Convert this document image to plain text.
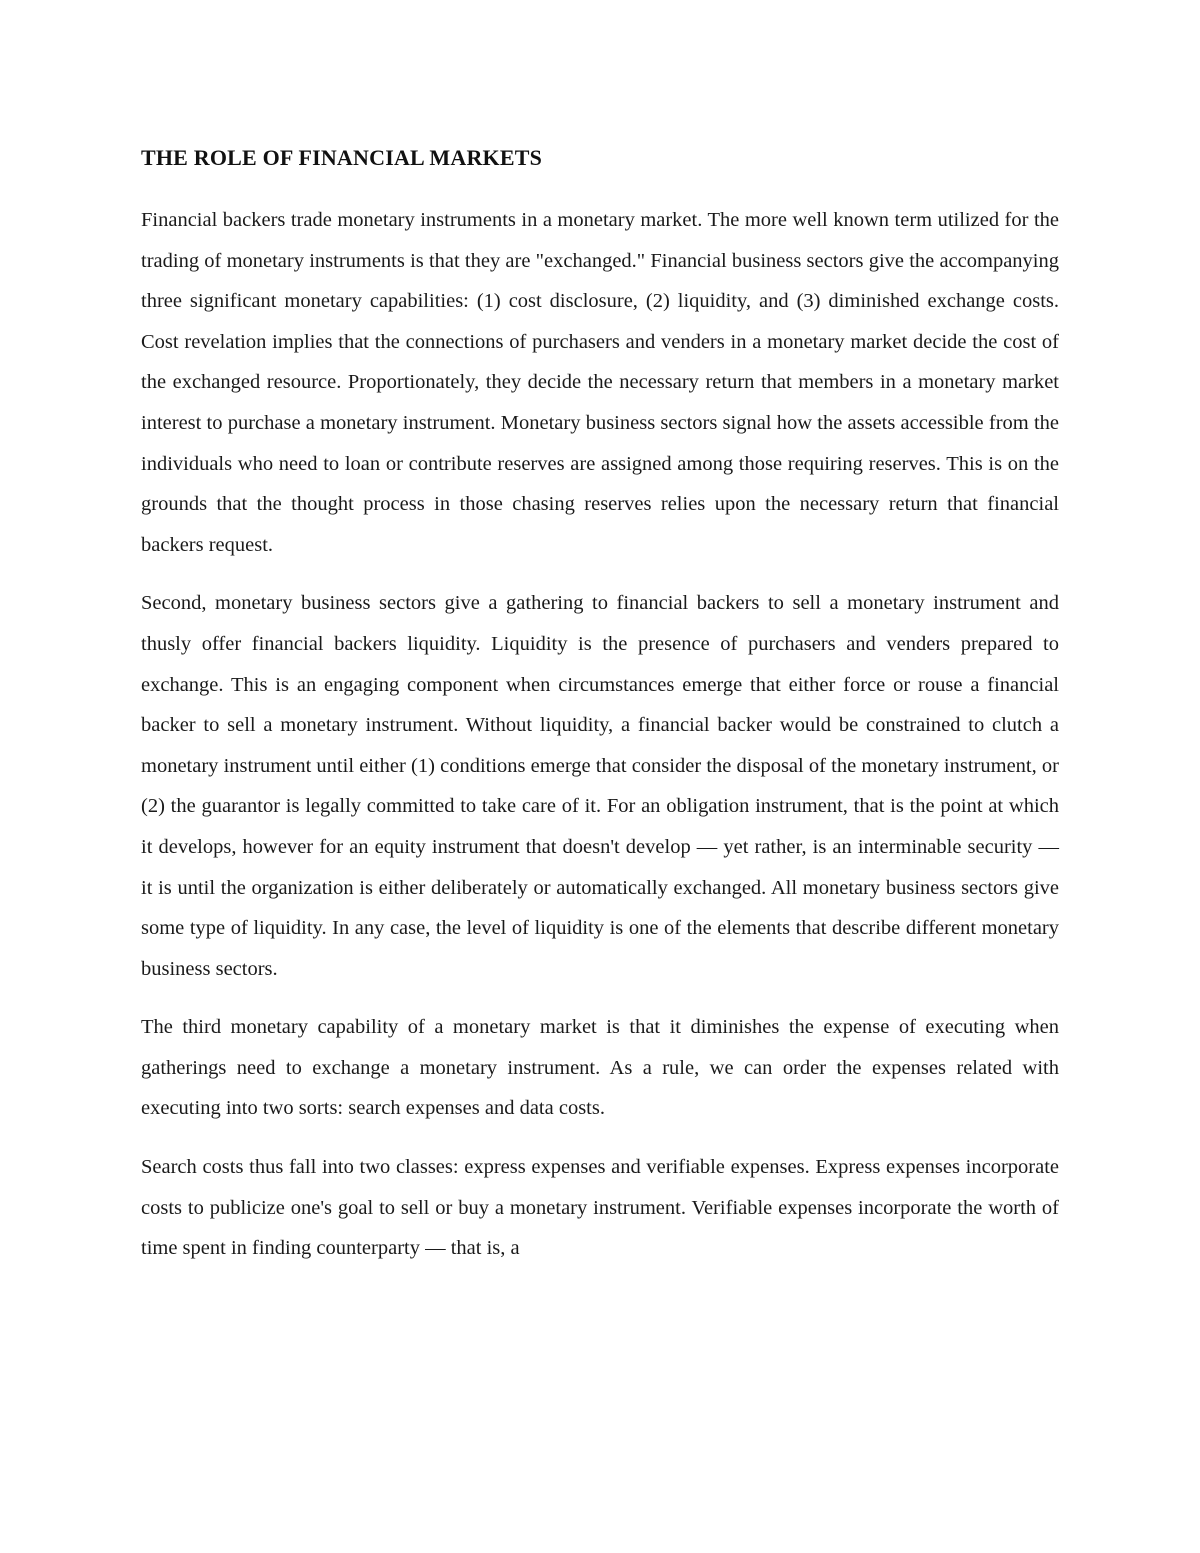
THE ROLE OF FINANCIAL MARKETS

Financial backers trade monetary instruments in a monetary market. The more well known term utilized for the trading of monetary instruments is that they are "exchanged." Financial business sectors give the accompanying three significant monetary capabilities: (1) cost disclosure, (2) liquidity, and (3) diminished exchange costs. Cost revelation implies that the connections of purchasers and venders in a monetary market decide the cost of the exchanged resource. Proportionately, they decide the necessary return that members in a monetary market interest to purchase a monetary instrument. Monetary business sectors signal how the assets accessible from the individuals who need to loan or contribute reserves are assigned among those requiring reserves. This is on the grounds that the thought process in those chasing reserves relies upon the necessary return that financial backers request.

Second, monetary business sectors give a gathering to financial backers to sell a monetary instrument and thusly offer financial backers liquidity. Liquidity is the presence of purchasers and venders prepared to exchange. This is an engaging component when circumstances emerge that either force or rouse a financial backer to sell a monetary instrument. Without liquidity, a financial backer would be constrained to clutch a monetary instrument until either (1) conditions emerge that consider the disposal of the monetary instrument, or (2) the guarantor is legally committed to take care of it. For an obligation instrument, that is the point at which it develops, however for an equity instrument that doesn't develop — yet rather, is an interminable security — it is until the organization is either deliberately or automatically exchanged. All monetary business sectors give some type of liquidity. In any case, the level of liquidity is one of the elements that describe different monetary business sectors.

The third monetary capability of a monetary market is that it diminishes the expense of executing when gatherings need to exchange a monetary instrument. As a rule, we can order the expenses related with executing into two sorts: search expenses and data costs.

Search costs thus fall into two classes: express expenses and verifiable expenses. Express expenses incorporate costs to publicize one's goal to sell or buy a monetary instrument. Verifiable expenses incorporate the worth of time spent in finding counterparty — that is, a
